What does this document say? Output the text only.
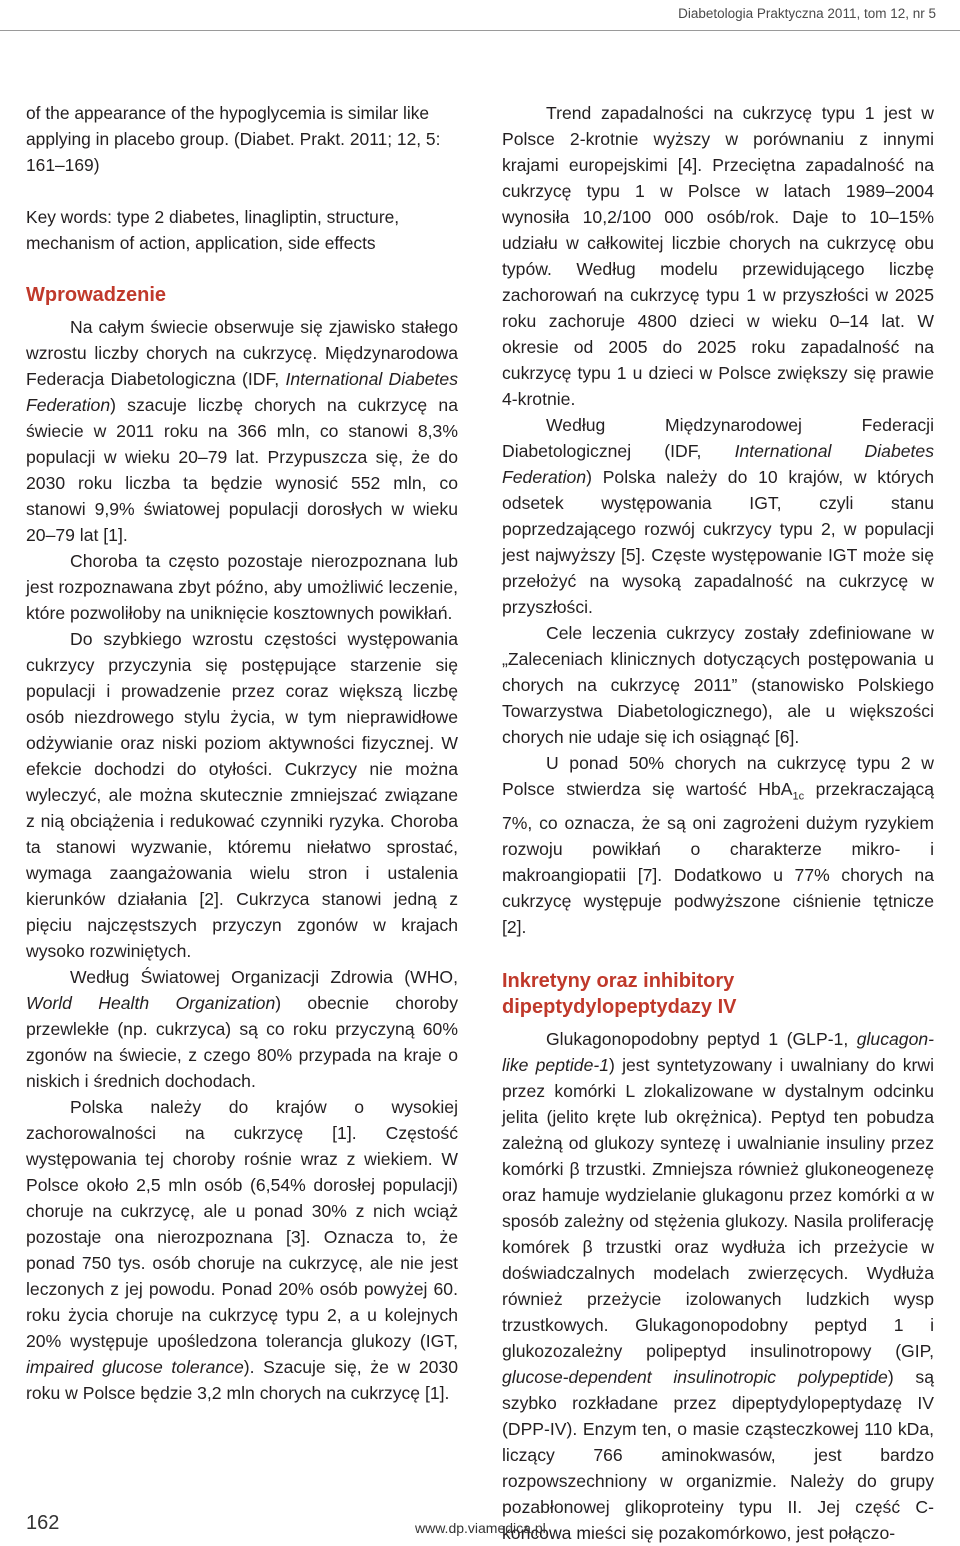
Diabetologia Praktyczna 2011, tom 12, nr 5

of the appearance of the hypoglycemia is similar like applying in placebo group. (Diabet. Prakt. 2011; 12, 5: 161–169)

Key words: type 2 diabetes, linagliptin, structure, mechanism of action, application, side effects

Wprowadzenie

Na całym świecie obserwuje się zjawisko stałego wzrostu liczby chorych na cukrzycę. Międzynarodowa Federacja Diabetologiczna (IDF, International Diabetes Federation) szacuje liczbę chorych na cukrzycę na świecie w 2011 roku na 366 mln, co stanowi 8,3% populacji w wieku 20–79 lat. Przypuszcza się, że do 2030 roku liczba ta będzie wynosić 552 mln, co stanowi 9,9% światowej populacji dorosłych w wieku 20–79 lat [1].

Choroba ta często pozostaje nierozpoznana lub jest rozpoznawana zbyt późno, aby umożliwić leczenie, które pozwoliłoby na uniknięcie kosztownych powikłań.

Do szybkiego wzrostu częstości występowania cukrzycy przyczynia się postępujące starzenie się populacji i prowadzenie przez coraz większą liczbę osób niezdrowego stylu życia, w tym nieprawidłowe odżywianie oraz niski poziom aktywności fizycznej. W efekcie dochodzi do otyłości. Cukrzycy nie można wyleczyć, ale można skutecznie zmniejszać związane z nią obciążenia i redukować czynniki ryzyka. Choroba ta stanowi wyzwanie, któremu niełatwo sprostać, wymaga zaangażowania wielu stron i ustalenia kierunków działania [2]. Cukrzyca stanowi jedną z pięciu najczęstszych przyczyn zgonów w krajach wysoko rozwiniętych.

Według Światowej Organizacji Zdrowia (WHO, World Health Organization) obecnie choroby przewlekłe (np. cukrzyca) są co roku przyczyną 60% zgonów na świecie, z czego 80% przypada na kraje o niskich i średnich dochodach.

Polska należy do krajów o wysokiej zachorowalności na cukrzycę [1]. Częstość występowania tej choroby rośnie wraz z wiekiem. W Polsce około 2,5 mln osób (6,54% dorosłej populacji) choruje na cukrzycę, ale u ponad 30% z nich wciąż pozostaje ona nierozpoznana [3]. Oznacza to, że ponad 750 tys. osób choruje na cukrzycę, ale nie jest leczonych z jej powodu. Ponad 20% osób powyżej 60. roku życia choruje na cukrzycę typu 2, a u kolejnych 20% występuje upośledzona tolerancja glukozy (IGT, impaired glucose tolerance). Szacuje się, że w 2030 roku w Polsce będzie 3,2 mln chorych na cukrzycę [1].

Trend zapadalności na cukrzycę typu 1 jest w Polsce 2-krotnie wyższy w porównaniu z innymi krajami europejskimi [4]. Przeciętna zapadalność na cukrzycę typu 1 w Polsce w latach 1989–2004 wynosiła 10,2/100 000 osób/rok. Daje to 10–15% udziału w całkowitej liczbie chorych na cukrzycę obu typów. Według modelu przewidującego liczbę zachorowań na cukrzycę typu 1 w przyszłości w 2025 roku zachoruje 4800 dzieci w wieku 0–14 lat. W okresie od 2005 do 2025 roku zapadalność na cukrzycę typu 1 u dzieci w Polsce zwiększy się prawie 4-krotnie.

Według Międzynarodowej Federacji Diabetologicznej (IDF, International Diabetes Federation) Polska należy do 10 krajów, w których odsetek występowania IGT, czyli stanu poprzedzającego rozwój cukrzycy typu 2, w populacji jest najwyższy [5]. Częste występowanie IGT może się przełożyć na wysoką zapadalność na cukrzycę w przyszłości.

Cele leczenia cukrzycy zostały zdefiniowane w „Zaleceniach klinicznych dotyczących postępowania u chorych na cukrzycę 2011” (stanowisko Polskiego Towarzystwa Diabetologicznego), ale u większości chorych nie udaje się ich osiągnąć [6].

U ponad 50% chorych na cukrzycę typu 2 w Polsce stwierdza się wartość HbA$_{1c}$ przekraczającą 7%, co oznacza, że są oni zagrożeni dużym ryzykiem rozwoju powikłań o charakterze mikro- i makroangiopatii [7]. Dodatkowo u 77% chorych na cukrzycę występuje podwyższone ciśnienie tętnicze [2].

Inkretyny oraz inhibitory
dipeptydylopeptydazy IV

Glukagonopodobny peptyd 1 (GLP-1, glucagon-like peptide-1) jest syntetyzowany i uwalniany do krwi przez komórki L zlokalizowane w dystalnym odcinku jelita (jelito kręte lub okrężnica). Peptyd ten pobudza zależną od glukozy syntezę i uwalnianie insuliny przez komórki β trzustki. Zmniejsza również glukoneogenezę oraz hamuje wydzielanie glukagonu przez komórki α w sposób zależny od stężenia glukozy. Nasila proliferację komórek β trzustki oraz wydłuża ich przeżycie w doświadczalnych modelach zwierzęcych. Wydłuża również przeżycie izolowanych ludzkich wysp trzustkowych. Glukagonopodobny peptyd 1 i glukozozależny polipeptyd insulinotropowy (GIP, glucose-dependent insulinotropic polypeptide) są szybko rozkładane przez dipeptydylopeptydazę IV (DPP-IV). Enzym ten, o masie cząsteczkowej 110 kDa, liczący 766 aminokwasów, jest bardzo rozpowszechniony w organizmie. Należy do grupy pozabłonowej glikoproteiny typu II. Jej część C-końcowa mieści się pozakomórkowo, jest połączo-

162	www.dp.viamedica.pl
